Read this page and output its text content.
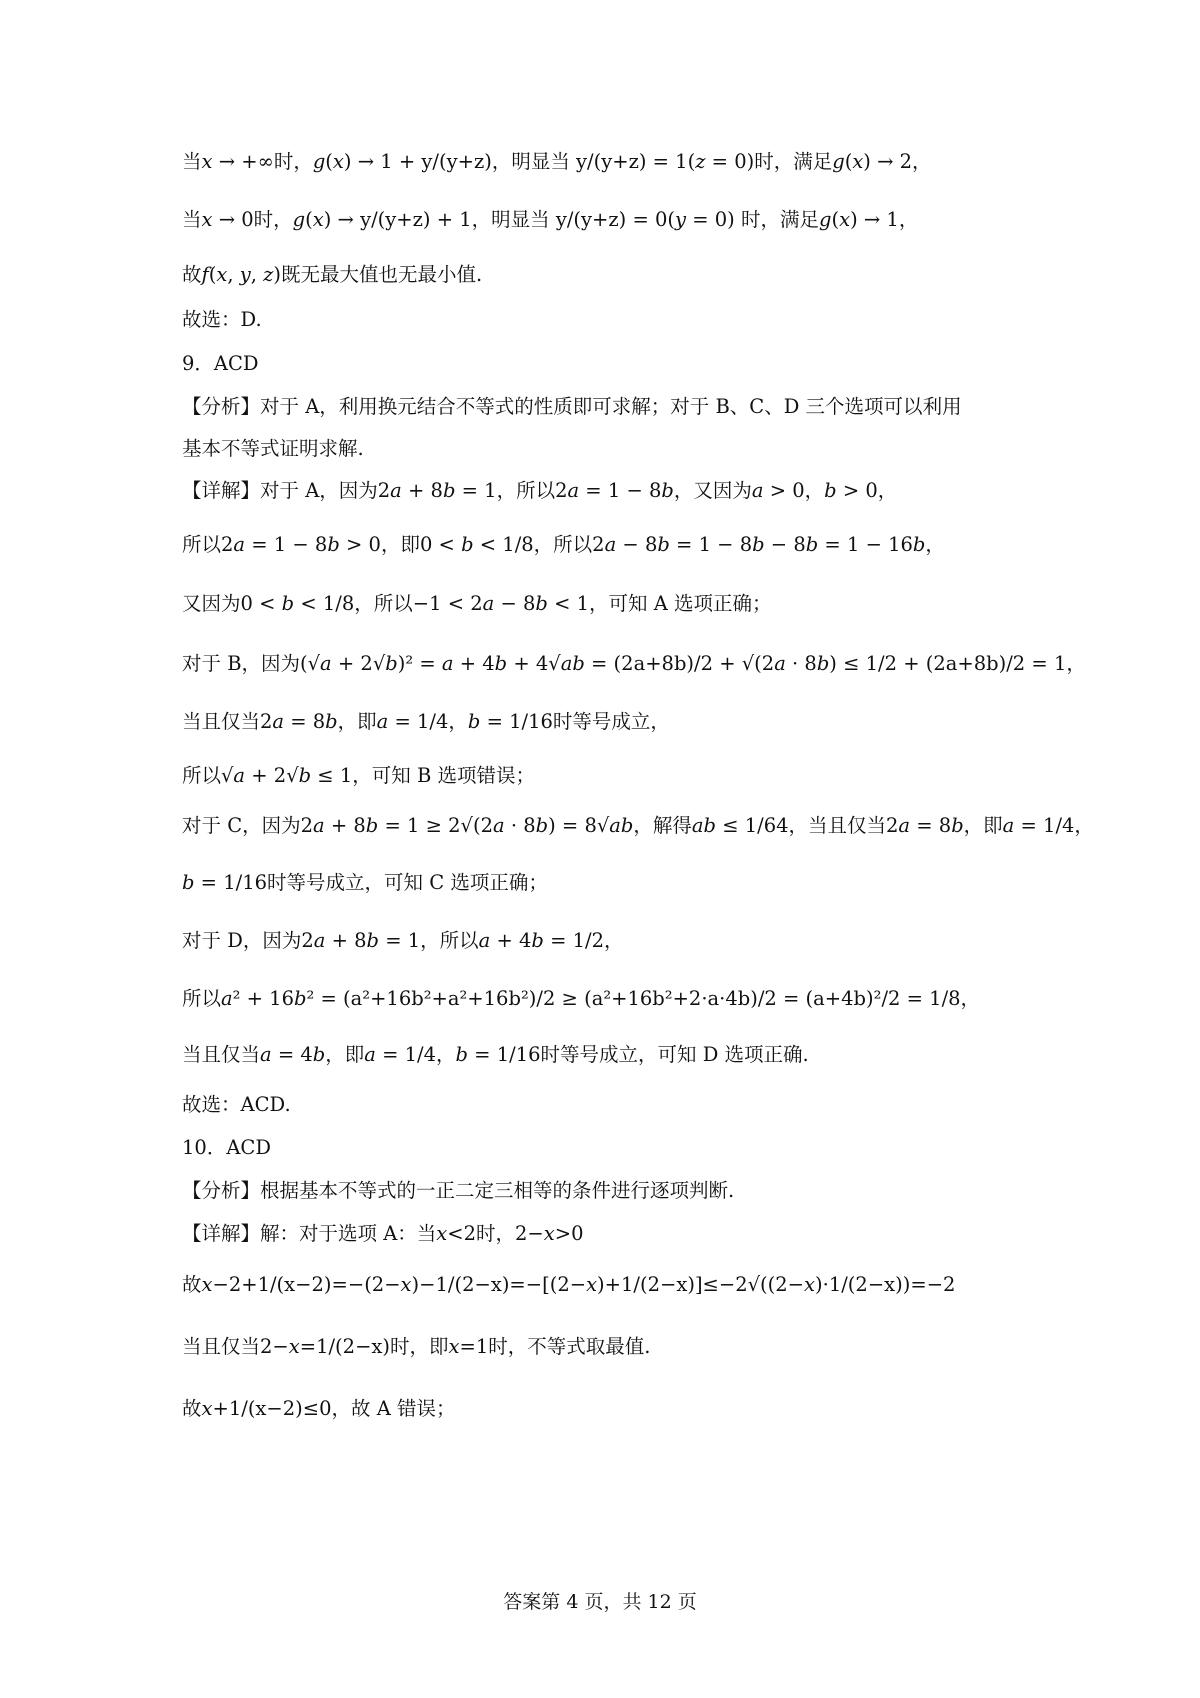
当𝑥 → +∞时，𝑔(𝑥) → 1 + y/(y+z)，明显当 y/(y+z) = 1(𝑧 = 0)时，满足𝑔(𝑥) → 2，
当𝑥 → 0时，𝑔(𝑥) → y/(y+z) + 1，明显当 y/(y+z) = 0(𝑦 = 0) 时，满足𝑔(𝑥) → 1，
故𝑓(𝑥, 𝑦, 𝑧)既无最大值也无最小值.
故选：D.
9．ACD
【分析】对于 A，利用换元结合不等式的性质即可求解；对于 B、C、D 三个选项可以利用
基本不等式证明求解.
【详解】对于 A，因为2𝑎 + 8𝑏 = 1，所以2𝑎 = 1 − 8𝑏，又因为𝑎 > 0，𝑏 > 0，
所以2𝑎 = 1 − 8𝑏 > 0，即0 < 𝑏 < 1/8，所以2𝑎 − 8𝑏 = 1 − 8𝑏 − 8𝑏 = 1 − 16𝑏，
又因为0 < 𝑏 < 1/8，所以−1 < 2𝑎 − 8𝑏 < 1，可知 A 选项正确；
对于 B，因为(√𝑎 + 2√𝑏)² = 𝑎 + 4𝑏 + 4√𝑎𝑏 = (2a+8b)/2 + √(2𝑎 · 8𝑏) ≤ 1/2 + (2a+8b)/2 = 1，
当且仅当2𝑎 = 8𝑏，即𝑎 = 1/4，𝑏 = 1/16时等号成立，
所以√𝑎 + 2√𝑏 ≤ 1，可知 B 选项错误；
对于 C，因为2𝑎 + 8𝑏 = 1 ≥ 2√(2𝑎 · 8𝑏) = 8√𝑎𝑏，解得𝑎𝑏 ≤ 1/64，当且仅当2𝑎 = 8𝑏，即𝑎 = 1/4，
𝑏 = 1/16时等号成立，可知 C 选项正确；
对于 D，因为2𝑎 + 8𝑏 = 1，所以𝑎 + 4𝑏 = 1/2，
所以𝑎² + 16𝑏² = (a²+16b²+a²+16b²)/2 ≥ (a²+16b²+2·a·4b)/2 = (a+4b)²/2 = 1/8，
当且仅当𝑎 = 4𝑏，即𝑎 = 1/4，𝑏 = 1/16时等号成立，可知 D 选项正确.
故选：ACD.
10．ACD
【分析】根据基本不等式的一正二定三相等的条件进行逐项判断.
【详解】解：对于选项 A：当𝑥<2时，2−𝑥>0
故𝑥−2+1/(x−2)=−(2−𝑥)−1/(2−x)=−[(2−𝑥)+1/(2−x)]≤−2√((2−𝑥)·1/(2−x))=−2
当且仅当2−𝑥=1/(2−x)时，即𝑥=1时，不等式取最值.
故𝑥+1/(x−2)≤0，故 A 错误；
答案第 4 页，共 12 页
